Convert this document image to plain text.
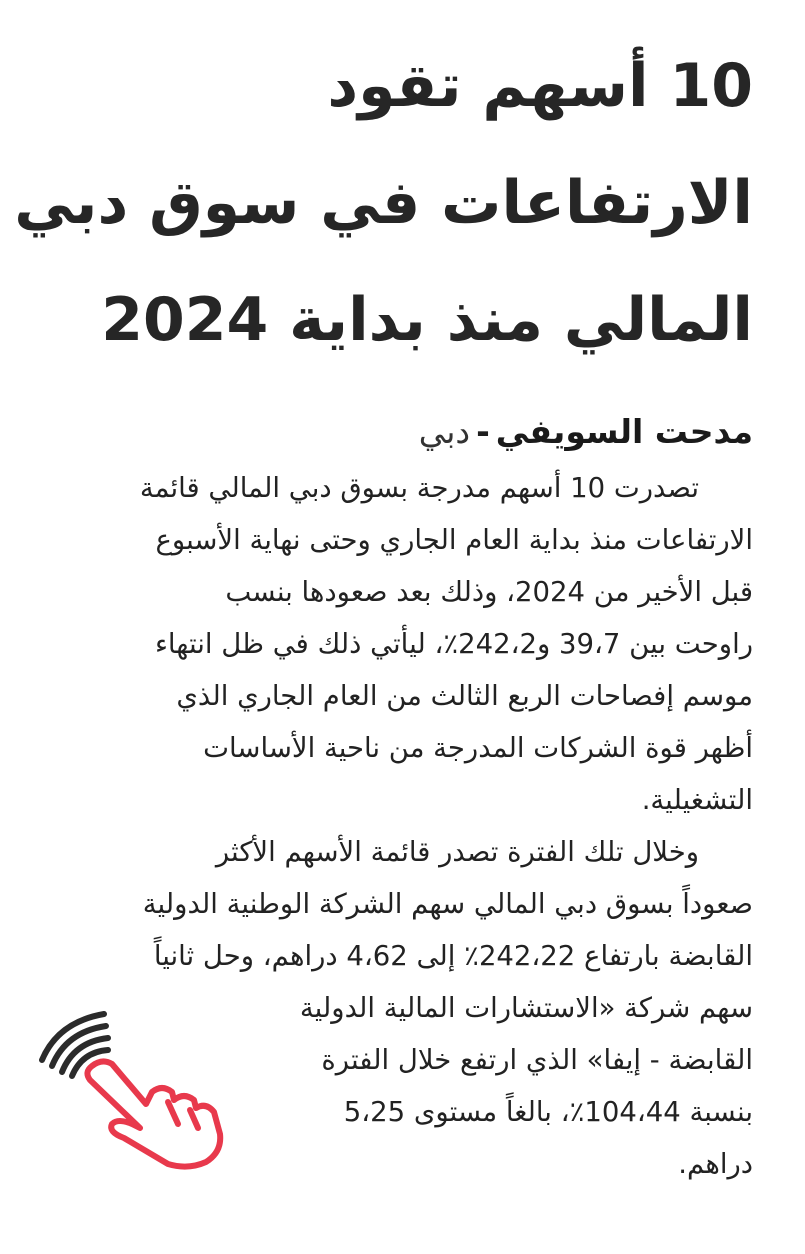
10 أسهم تقود
الارتفاعات في سوق دبي
المالي منذ بداية 2024
مدحت السويفي-دبي
تصدرت 10 أسهم مدرجة بسوق دبي المالي قائمة
الارتفاعات منذ بداية العام الجاري وحتى نهاية الأسبوع
قبل الأخير من 2024، وذلك بعد صعودها بنسب
راوحت بين 39،7 و242،2٪، ليأتي ذلك في ظل انتهاء
موسم إفصاحات الربع الثالث من العام الجاري الذي
أظهر قوة الشركات المدرجة من ناحية الأساسات
التشغيلية.
وخلال تلك الفترة تصدر قائمة الأسهم الأكثر
صعوداً بسوق دبي المالي سهم الشركة الوطنية الدولية
القابضة بارتفاع 242،22٪ إلى 4،62 دراهم، وحل ثانياً
سهم شركة «الاستشارات المالية الدولية
القابضة - إيفا» الذي ارتفع خلال الفترة
بنسبة 104،44٪، بالغاً مستوى 5،25
دراهم.
